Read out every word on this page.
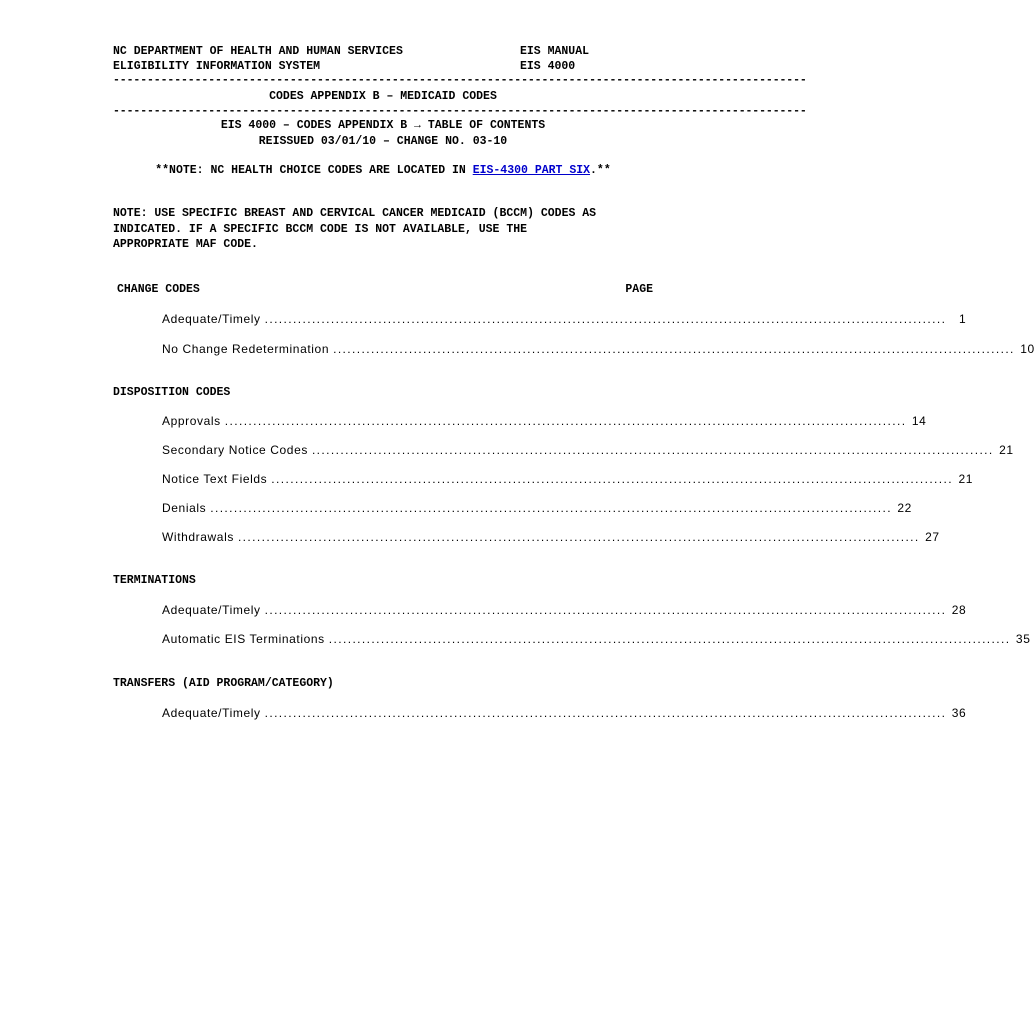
NC DEPARTMENT OF HEALTH AND HUMAN SERVICES	EIS MANUAL
ELIGIBILITY INFORMATION SYSTEM	EIS 4000
------------------------------------------------------------------------------------------------------
CODES APPENDIX B – MEDICAID CODES
------------------------------------------------------------------------------------------------------
EIS 4000 – CODES APPENDIX B → TABLE OF CONTENTS
REISSUED 03/01/10 – CHANGE NO. 03-10
**NOTE: NC HEALTH CHOICE CODES ARE LOCATED IN EIS-4300 PART SIX.**
NOTE: USE SPECIFIC BREAST AND CERVICAL CANCER MEDICAID (BCCM) CODES AS
INDICATED. IF A SPECIFIC BCCM CODE IS NOT AVAILABLE, USE THE
APPROPRIATE MAF CODE.
CHANGE CODES	PAGE
Adequate/Timely .....	1
No Change Redetermination .....	10
DISPOSITION CODES
Approvals .....	14
Secondary Notice Codes .....	21
Notice Text Fields .....	21
Denials .....	22
Withdrawals .....	27
TERMINATIONS
Adequate/Timely .....	28
Automatic EIS Terminations .....	35
TRANSFERS (AID PROGRAM/CATEGORY)
Adequate/Timely .....	36
